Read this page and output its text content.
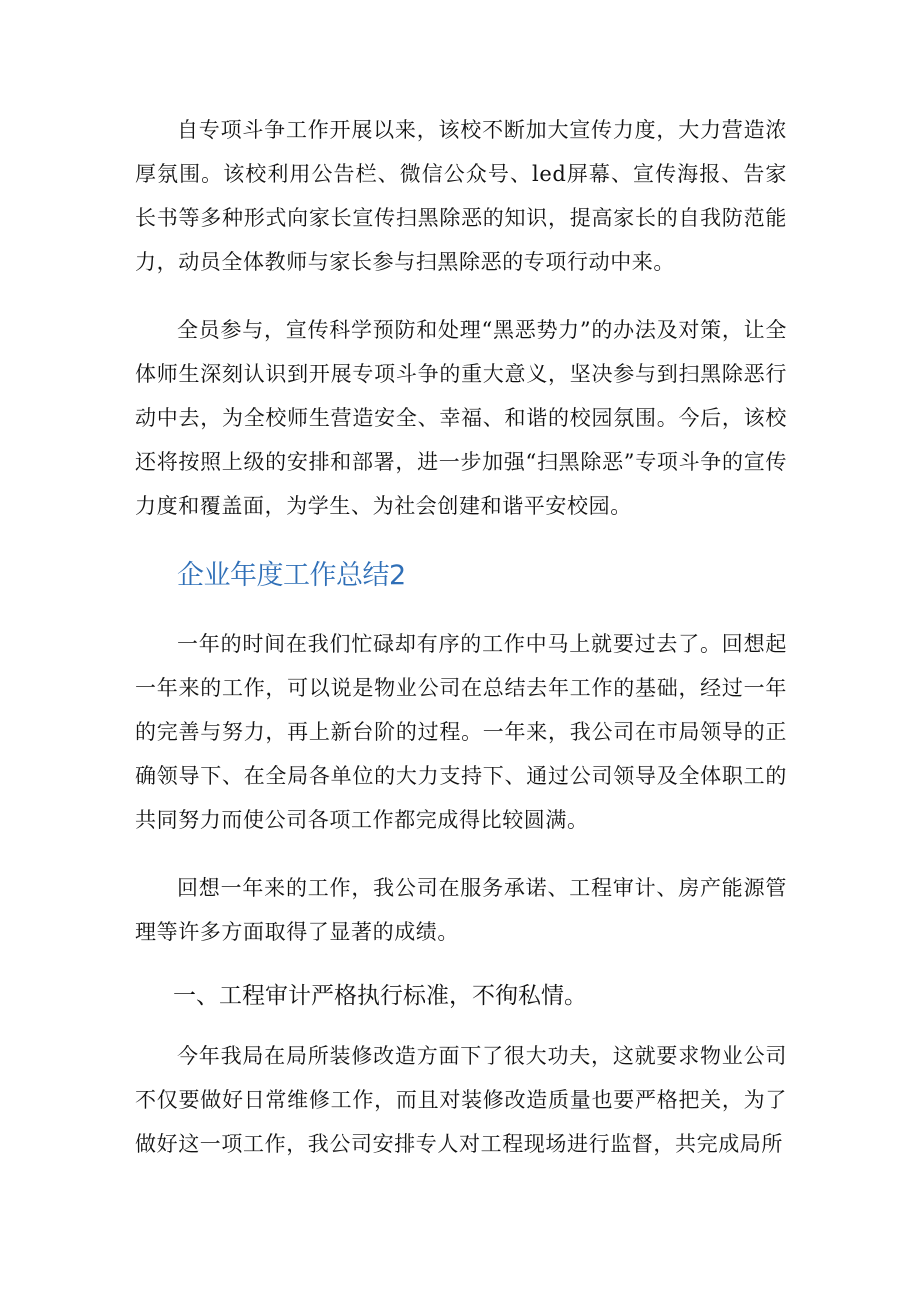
自专项斗争工作开展以来，该校不断加大宣传力度，大力营造浓厚氛围。该校利用公告栏、微信公众号、led屏幕、宣传海报、告家长书等多种形式向家长宣传扫黑除恶的知识，提高家长的自我防范能力，动员全体教师与家长参与扫黑除恶的专项行动中来。

全员参与，宣传科学预防和处理“黑恶势力”的办法及对策，让全体师生深刻认识到开展专项斗争的重大意义，坚决参与到扫黑除恶行动中去，为全校师生营造安全、幸福、和谐的校园氛围。今后，该校还将按照上级的安排和部署，进一步加强“扫黑除恶”专项斗争的宣传力度和覆盖面，为学生、为社会创建和谐平安校园。

企业年度工作总结2

一年的时间在我们忙碌却有序的工作中马上就要过去了。回想起一年来的工作，可以说是物业公司在总结去年工作的基础，经过一年的完善与努力，再上新台阶的过程。一年来，我公司在市局领导的正确领导下、在全局各单位的大力支持下、通过公司领导及全体职工的共同努力而使公司各项工作都完成得比较圆满。

回想一年来的工作，我公司在服务承诺、工程审计、房产能源管理等许多方面取得了显著的成绩。

一、工程审计严格执行标准，不徇私情。

今年我局在局所装修改造方面下了很大功夫，这就要求物业公司不仅要做好日常维修工作，而且对装修改造质量也要严格把关，为了做好这一项工作，我公司安排专人对工程现场进行监督，共完成局所
